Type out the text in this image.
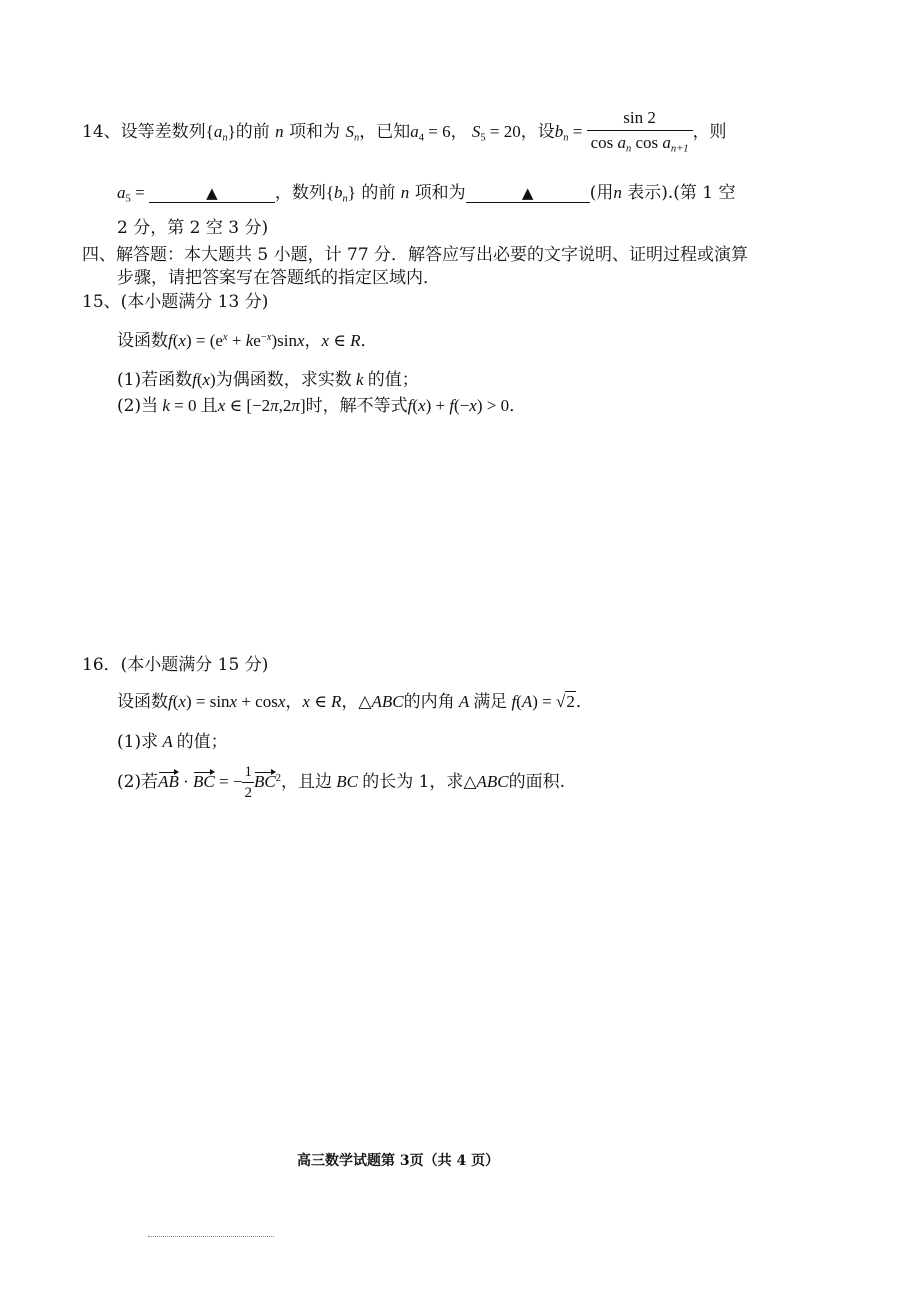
14、设等差数列$\{a_n\}$的前 n 项和为 $S_n$，已知$a_4 = 6$， $S_5 = 20$，设$b_n = \frac{\sin 2}{\cos a_n \cos a_{n+1}}$ ，则
$a_5$ =	▲	，数列$\{b_n\}$ 的前 n 项和为	▲	(用n 表示).(第 1 空
2 分，第 2 空 3 分)
四、解答题：本大题共 5 小题，计 77 分．解答应写出必要的文字说明、证明过程或演算
步骤，请把答案写在答题纸的指定区域内．
15、(本小题满分 13 分)
设函数$f(x) = (e^x + ke^{-x})\sin x$，x ∈ R．
(1)若函数f(x)为偶函数，求实数 k 的值；
(2)当 k = 0 且x ∈ [−2π,2π]时，解不等式f(x) + f(−x) > 0．
16．(本小题满分 15 分)
设函数f(x) = sinx + cosx，x ∈ R，△ABC的内角 A 满足 f(A) = √2．
(1)求 A 的值；
(2)若AB · BC = − $\frac{1}{2} BC^2$，且边 BC 的长为 1，求△ABC的面积.
高三数学试题第 3页（共 4 页）
